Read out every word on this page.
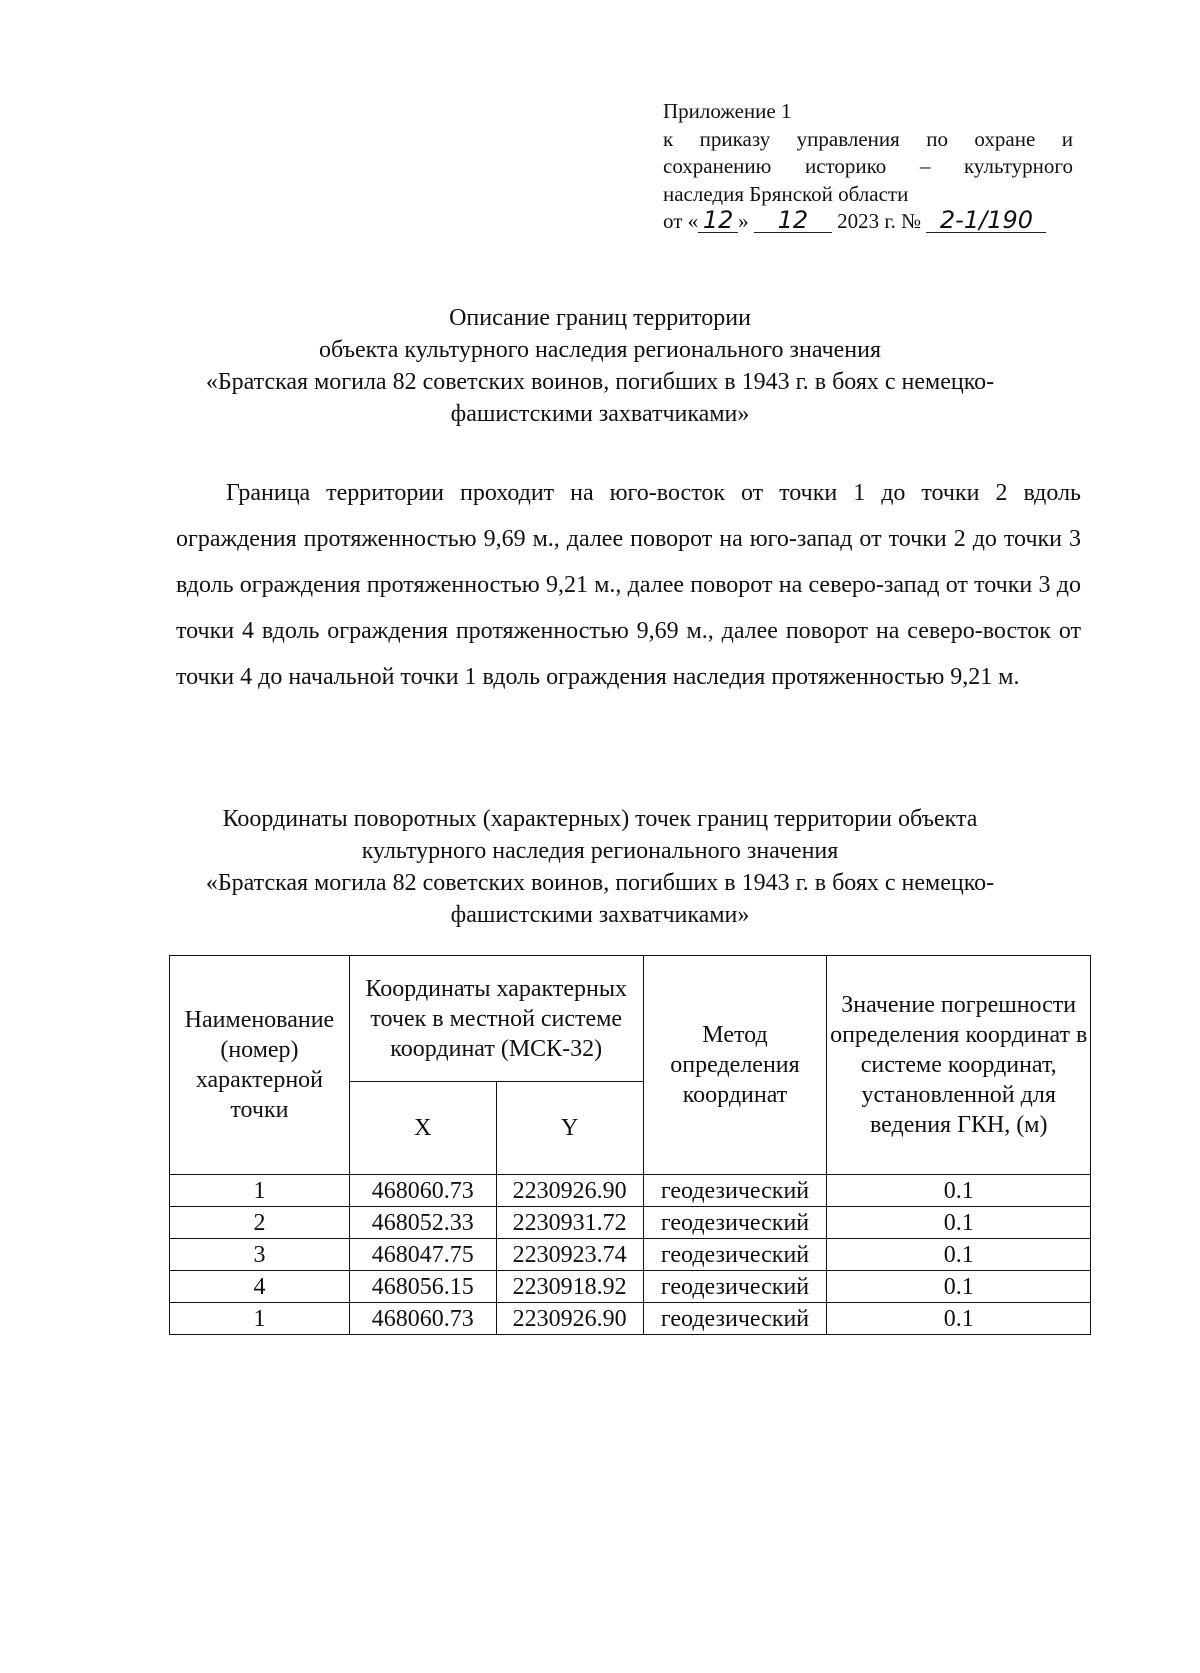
Приложение 1
к приказу управления по охране и
сохранению историко – культурного
наследия Брянской области
от « 12 » 12 2023 г. № 2-1/190
Описание границ территории
объекта культурного наследия регионального значения
«Братская могила 82 советских воинов, погибших в 1943 г. в боях с немецко-
фашистскими захватчиками»

Граница территории проходит на юго-восток от точки 1 до точки 2 вдоль ограждения протяженностью 9,69 м., далее поворот на юго-запад от точки 2 до точки 3 вдоль ограждения протяженностью 9,21 м., далее поворот на северо-запад от точки 3 до точки 4 вдоль ограждения протяженностью 9,69 м., далее поворот на северо-восток от точки 4 до начальной точки 1 вдоль ограждения наследия протяженностью 9,21 м.

Координаты поворотных (характерных) точек границ территории объекта
культурного наследия регионального значения
«Братская могила 82 советских воинов, погибших в 1943 г. в боях с немецко-
фашистскими захватчиками»
Наименование (номер) характерной точки	Координаты характерных точек в местной системе координат (МСК-32)		Метод определения координат	Значение погрешности определения координат в системе координат, установленной для ведения ГКН, (м)
	X	Y		
1	468060.73	2230926.90	геодезический	0.1
2	468052.33	2230931.72	геодезический	0.1
3	468047.75	2230923.74	геодезический	0.1
4	468056.15	2230918.92	геодезический	0.1
1	468060.73	2230926.90	геодезический	0.1
